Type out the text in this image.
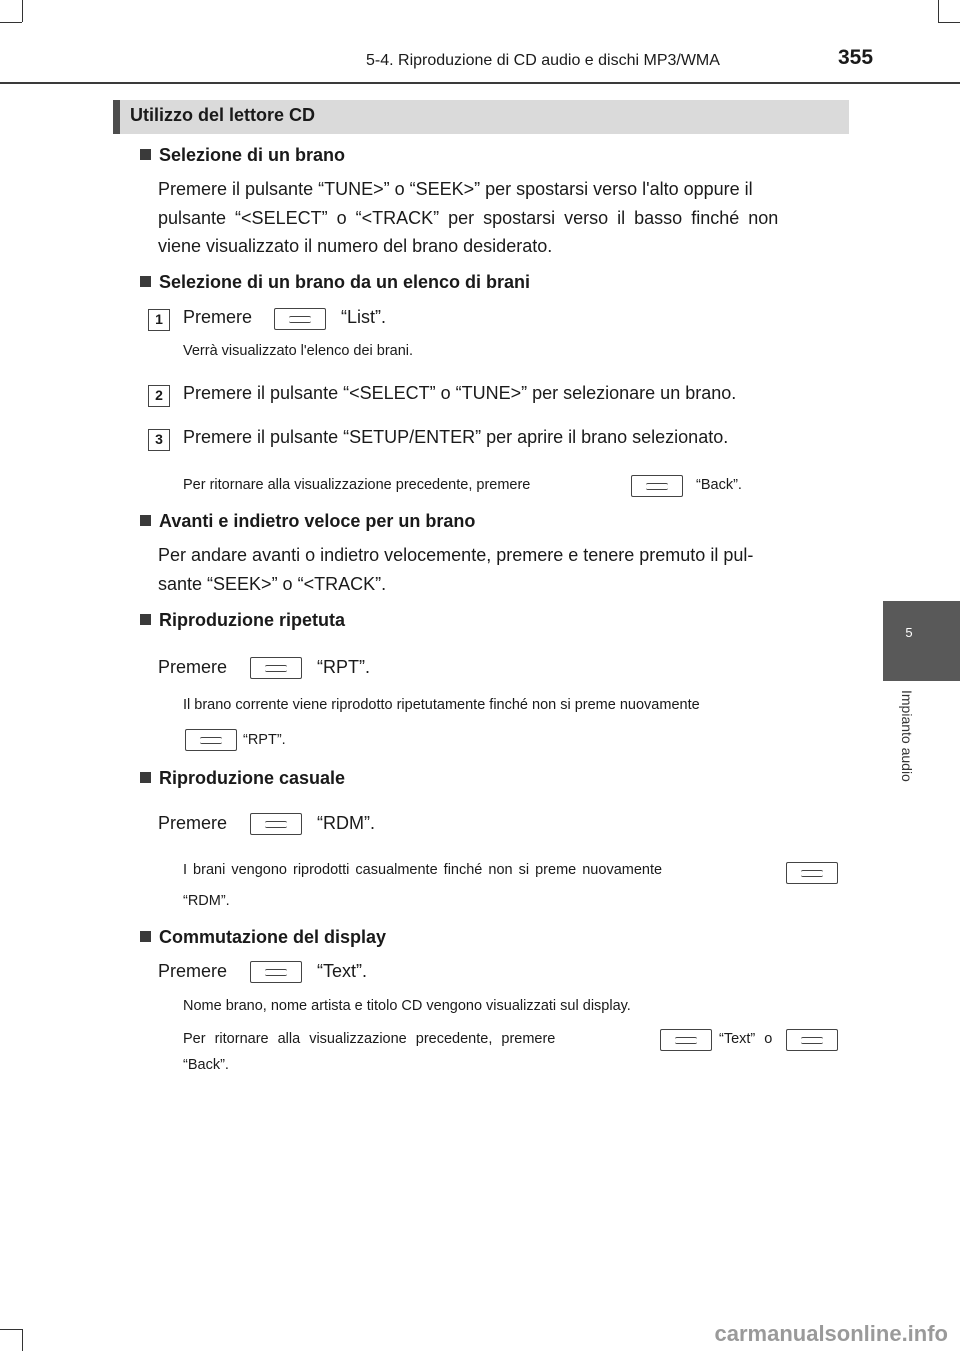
5-4. Riproduzione di CD audio e dischi MP3/WMA	355
5
Impianto audio
Utilizzo del lettore CD
Selezione di un brano
Premere il pulsante “TUNE>” o “SEEK>” per spostarsi verso l'alto oppure il
pulsante “<SELECT” o “<TRACK” per spostarsi verso il basso finché non
viene visualizzato il numero del brano desiderato.
Selezione di un brano da un elenco di brani
1	Premere	“List”.
Verrà visualizzato l'elenco dei brani.
2	Premere il pulsante “<SELECT” o “TUNE>” per selezionare un brano.
3	Premere il pulsante “SETUP/ENTER” per aprire il brano selezionato.
Per ritornare alla visualizzazione precedente, premere	“Back”.
Avanti e indietro veloce per un brano
Per andare avanti o indietro velocemente, premere e tenere premuto il pul-
sante “SEEK>” o “<TRACK”.
Riproduzione ripetuta
Premere	“RPT”.
Il brano corrente viene riprodotto ripetutamente finché non si preme nuovamente
“RPT”.
Riproduzione casuale
Premere	“RDM”.
I brani vengono riprodotti casualmente finché non si preme nuovamente
“RDM”.
Commutazione del display
Premere	“Text”.
Nome brano, nome artista e titolo CD vengono visualizzati sul display.
Per ritornare alla visualizzazione precedente, premere	“Text” o
“Back”.
carmanualsonline.info
